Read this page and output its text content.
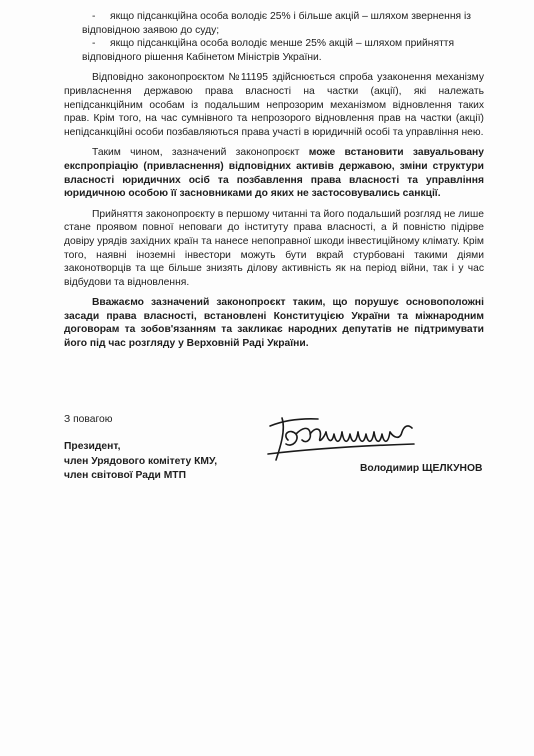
-	якщо підсанкційна особа володіє 25% і більше акцій – шляхом звернення із
відповідною заявою до суду;
-	якщо підсанкційна особа володіє менше 25% акцій – шляхом прийняття
відповідного рішення Кабінетом Міністрів України.

Відповідно законопроєктом №11195 здійснюється спроба узаконення механізму привласнення державою права власності на частки (акції), які належать непідсанкційним особам із подальшим непрозорим механізмом відновлення таких прав. Крім того, на час сумнівного та непрозорого відновлення прав на частки (акції) непідсанкційні особи позбавляються права участі в юридичній особі та управління нею.

Таким чином, зазначений законопроєкт може встановити завуальовану експропріацію (привласнення) відповідних активів державою, зміни структури власності юридичних осіб та позбавлення права власності та управління юридичною особою її засновниками до яких не застосовувались санкції.

Прийняття законопроєкту в першому читанні та його подальший розгляд не лише стане проявом повної неповаги до інституту права власності, а й повністю підірве довіру урядів західних країн та нанесе непоправної шкоди інвестиційному клімату. Крім того, наявні іноземні інвестори можуть бути вкрай стурбовані такими діями законотворців та ще більше знизять ділову активність як на період війни, так і у час відбудови та відновлення.

Вважаємо зазначений законопроєкт таким, що порушує основоположні засади права власності, встановлені Конституцією України та міжнародним договорам та зобов'язанням та закликає народних депутатів не підтримувати його під час розгляду у Верховній Раді України.

З повагою
Президент,
член Урядового комітету КМУ,
член світової Ради МТП
Володимир ЩЕЛКУНОВ
